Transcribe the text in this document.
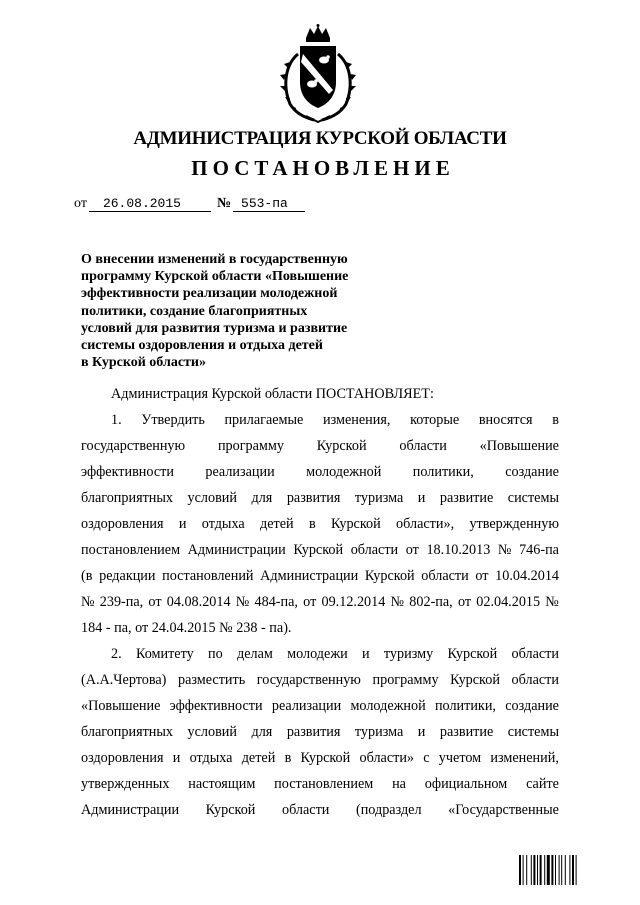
АДМИНИСТРАЦИЯ КУРСКОЙ ОБЛАСТИ
ПОСТАНОВЛЕНИЕ
от	26.08.2015	№ 553-па
О внесении изменений в государственную
программу Курской области «Повышение
эффективности реализации молодежной
политики, создание благоприятных
условий для развития туризма и развитие
системы оздоровления и отдыха детей
в Курской области»
Администрация Курской области ПОСТАНОВЛЯЕТ:
1. Утвердить прилагаемые изменения, которые вносятся в
государственную программу Курской области «Повышение
эффективности реализации молодежной политики, создание
благоприятных условий для развития туризма и развитие системы
оздоровления и отдыха детей в Курской области», утвержденную
постановлением Администрации Курской области от 18.10.2013 № 746-па
(в редакции постановлений Администрации Курской области от 10.04.2014
№ 239-па, от 04.08.2014 № 484-па, от 09.12.2014 № 802-па, от 02.04.2015 №
184 - па, от 24.04.2015 № 238 - па).
2. Комитету по делам молодежи и туризму Курской области
(А.А.Чертова) разместить государственную программу Курской области
«Повышение эффективности реализации молодежной политики, создание
благоприятных условий для развития туризма и развитие системы
оздоровления и отдыха детей в Курской области» с учетом изменений,
утвержденных настоящим постановлением на официальном сайте
Администрации Курской области (подраздел «Государственные
